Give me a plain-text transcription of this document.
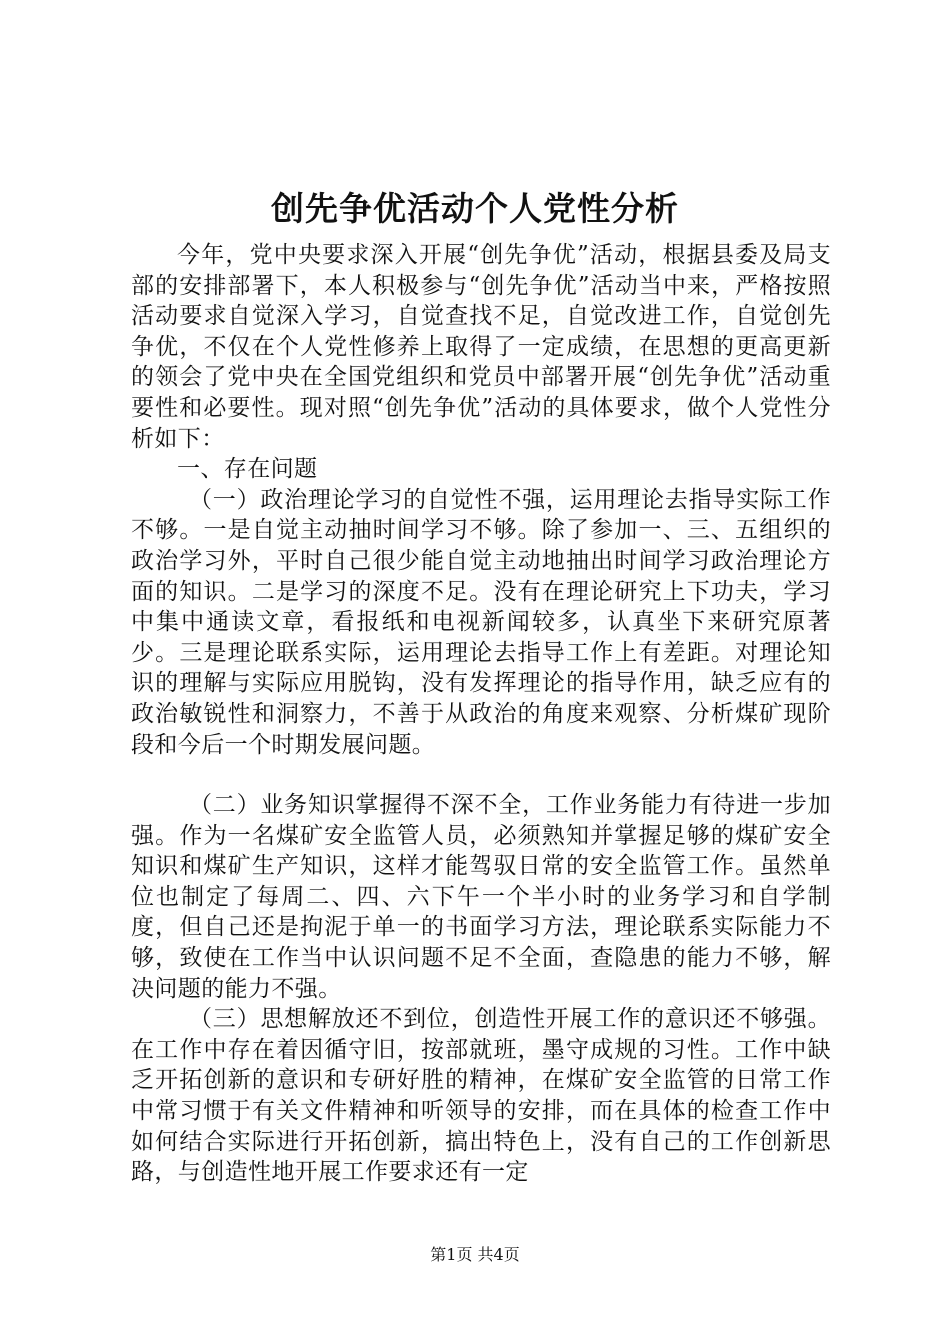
创先争优活动个人党性分析

今年，党中央要求深入开展“创先争优”活动，根据县委及局支部的安排部署下，本人积极参与“创先争优”活动当中来，严格按照活动要求自觉深入学习，自觉查找不足，自觉改进工作，自觉创先争优，不仅在个人党性修养上取得了一定成绩，在思想的更高更新的领会了党中央在全国党组织和党员中部署开展“创先争优”活动重要性和必要性。现对照“创先争优”活动的具体要求，做个人党性分析如下：

一、存在问题

（一）政治理论学习的自觉性不强，运用理论去指导实际工作不够。一是自觉主动抽时间学习不够。除了参加一、三、五组织的政治学习外，平时自己很少能自觉主动地抽出时间学习政治理论方面的知识。二是学习的深度不足。没有在理论研究上下功夫，学习中集中通读文章，看报纸和电视新闻较多，认真坐下来研究原著少。三是理论联系实际，运用理论去指导工作上有差距。对理论知识的理解与实际应用脱钩，没有发挥理论的指导作用，缺乏应有的政治敏锐性和洞察力，不善于从政治的角度来观察、分析煤矿现阶段和今后一个时期发展问题。

（二）业务知识掌握得不深不全，工作业务能力有待进一步加强。作为一名煤矿安全监管人员，必须熟知并掌握足够的煤矿安全知识和煤矿生产知识，这样才能驾驭日常的安全监管工作。虽然单位也制定了每周二、四、六下午一个半小时的业务学习和自学制度，但自己还是拘泥于单一的书面学习方法，理论联系实际能力不够，致使在工作当中认识问题不足不全面，查隐患的能力不够，解决问题的能力不强。

（三）思想解放还不到位，创造性开展工作的意识还不够强。在工作中存在着因循守旧，按部就班，墨守成规的习性。工作中缺乏开拓创新的意识和专研好胜的精神，在煤矿安全监管的日常工作中常习惯于有关文件精神和听领导的安排，而在具体的检查工作中如何结合实际进行开拓创新，搞出特色上，没有自己的工作创新思路，与创造性地开展工作要求还有一定

第1页 共4页
